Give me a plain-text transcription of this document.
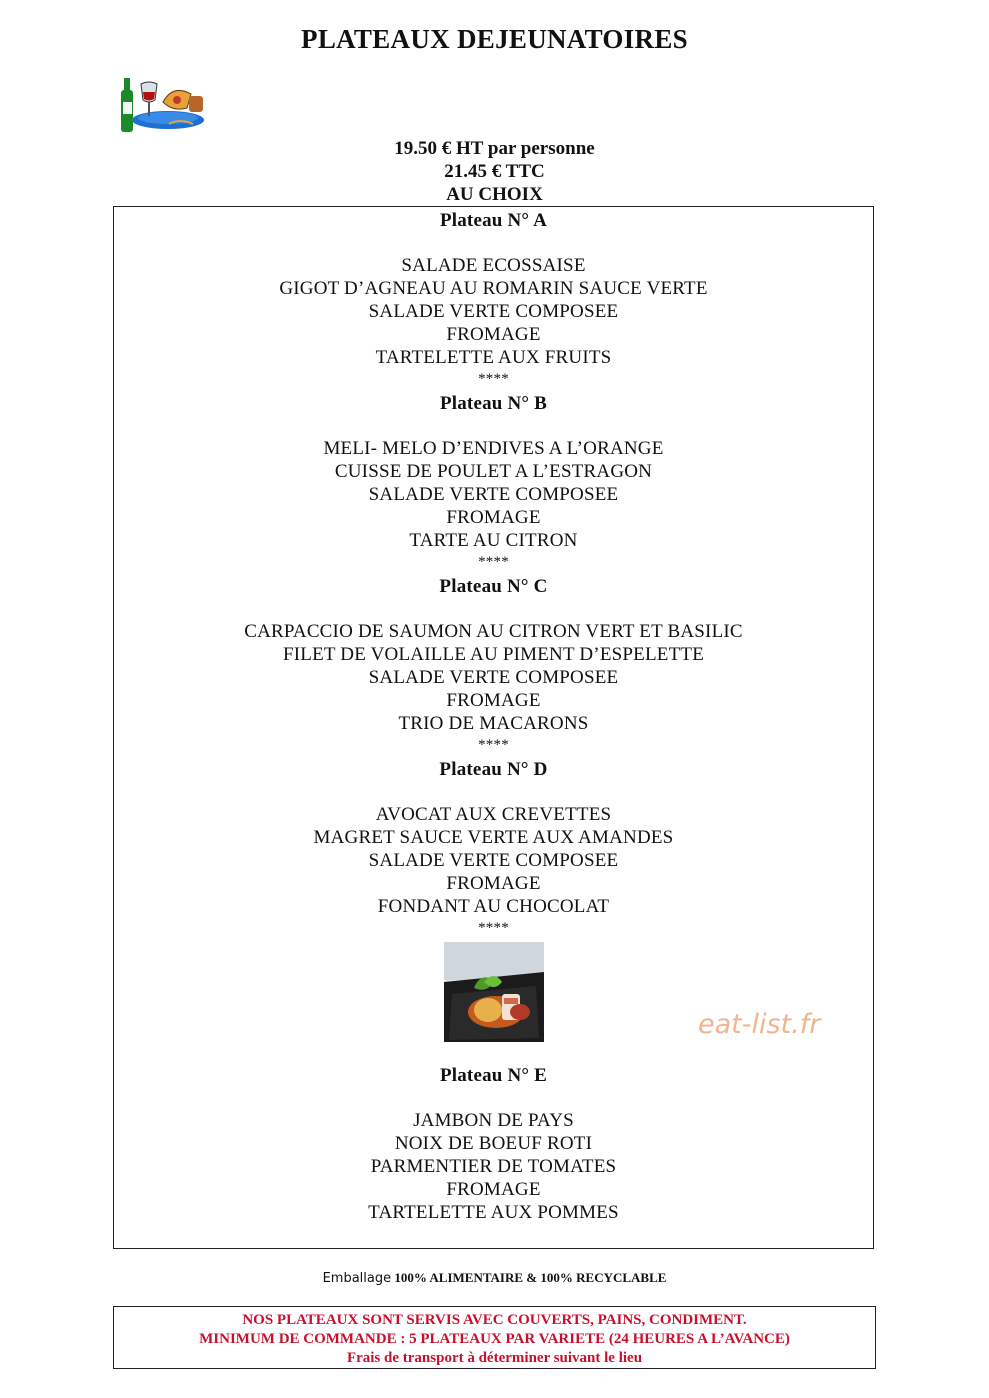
PLATEAUX DEJEUNATOIRES
19.50 € HT par personne
21.45 € TTC
AU CHOIX
Plateau N° A
SALADE ECOSSAISE
GIGOT D’AGNEAU AU ROMARIN SAUCE VERTE
SALADE VERTE COMPOSEE
FROMAGE
TARTELETTE AUX FRUITS
****
Plateau N° B
MELI- MELO D’ENDIVES A L’ORANGE
CUISSE DE POULET A L’ESTRAGON
SALADE VERTE COMPOSEE
FROMAGE
TARTE AU CITRON
****
Plateau N° C
CARPACCIO DE SAUMON AU CITRON VERT ET BASILIC
FILET DE VOLAILLE AU PIMENT D’ESPELETTE
SALADE VERTE COMPOSEE
FROMAGE
TRIO DE MACARONS
****
Plateau N° D
AVOCAT AUX CREVETTES
MAGRET SAUCE VERTE AUX AMANDES
SALADE VERTE COMPOSEE
FROMAGE
FONDANT AU CHOCOLAT
****
Plateau N° E
JAMBON DE PAYS
NOIX DE BOEUF ROTI
PARMENTIER DE TOMATES
FROMAGE
TARTELETTE AUX POMMES
eat-list.fr
Emballage 100% ALIMENTAIRE & 100% RECYCLABLE
NOS PLATEAUX SONT SERVIS AVEC COUVERTS, PAINS, CONDIMENT.
MINIMUM DE COMMANDE : 5 PLATEAUX PAR VARIETE (24 HEURES A L’AVANCE)
Frais de transport à déterminer suivant le lieu
